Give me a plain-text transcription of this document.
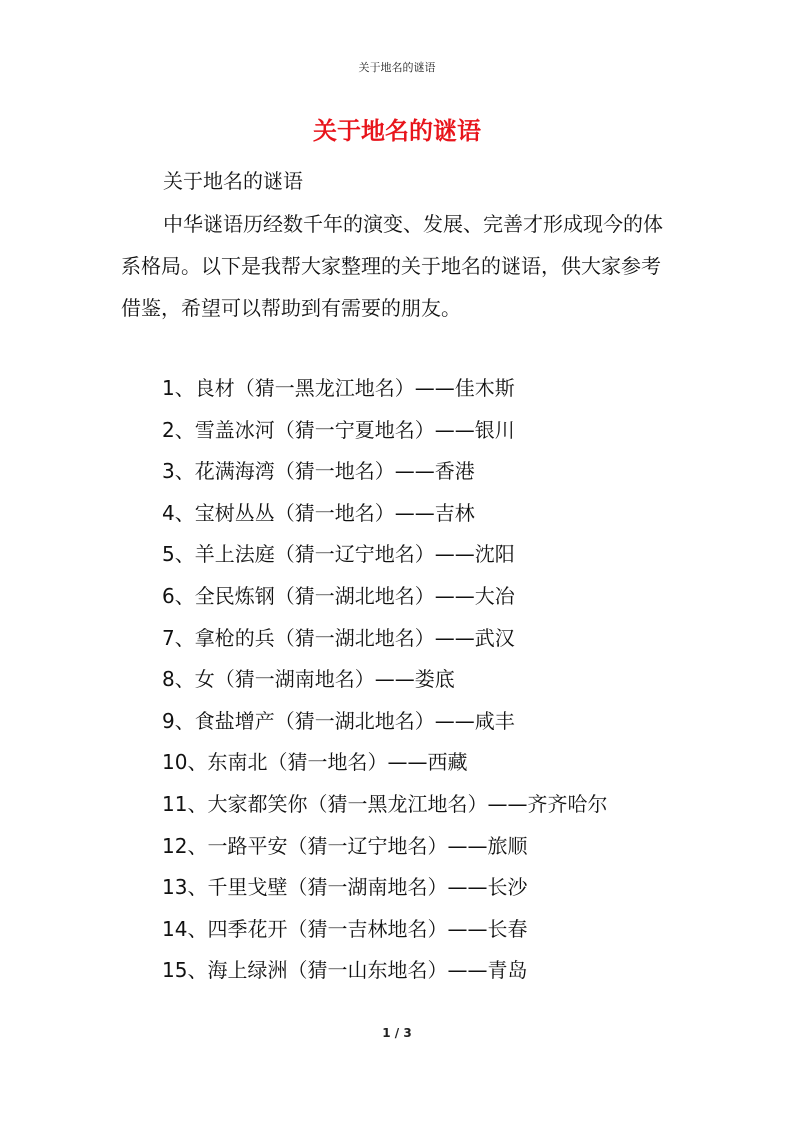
关于地名的谜语
关于地名的谜语

关于地名的谜语

中华谜语历经数千年的演变、发展、完善才形成现今的体系格局。以下是我帮大家整理的关于地名的谜语，供大家参考借鉴，希望可以帮助到有需要的朋友。

1、良材（猜一黑龙江地名）——佳木斯
2、雪盖冰河（猜一宁夏地名）——银川
3、花满海湾（猜一地名）——香港
4、宝树丛丛（猜一地名）——吉林
5、羊上法庭（猜一辽宁地名）——沈阳
6、全民炼钢（猜一湖北地名）——大冶
7、拿枪的兵（猜一湖北地名）——武汉
8、女（猜一湖南地名）——娄底
9、食盐增产（猜一湖北地名）——咸丰
10、东南北（猜一地名）——西藏
11、大家都笑你（猜一黑龙江地名）——齐齐哈尔
12、一路平安（猜一辽宁地名）——旅顺
13、千里戈壁（猜一湖南地名）——长沙
14、四季花开（猜一吉林地名）——长春
15、海上绿洲（猜一山东地名）——青岛
1 / 3
